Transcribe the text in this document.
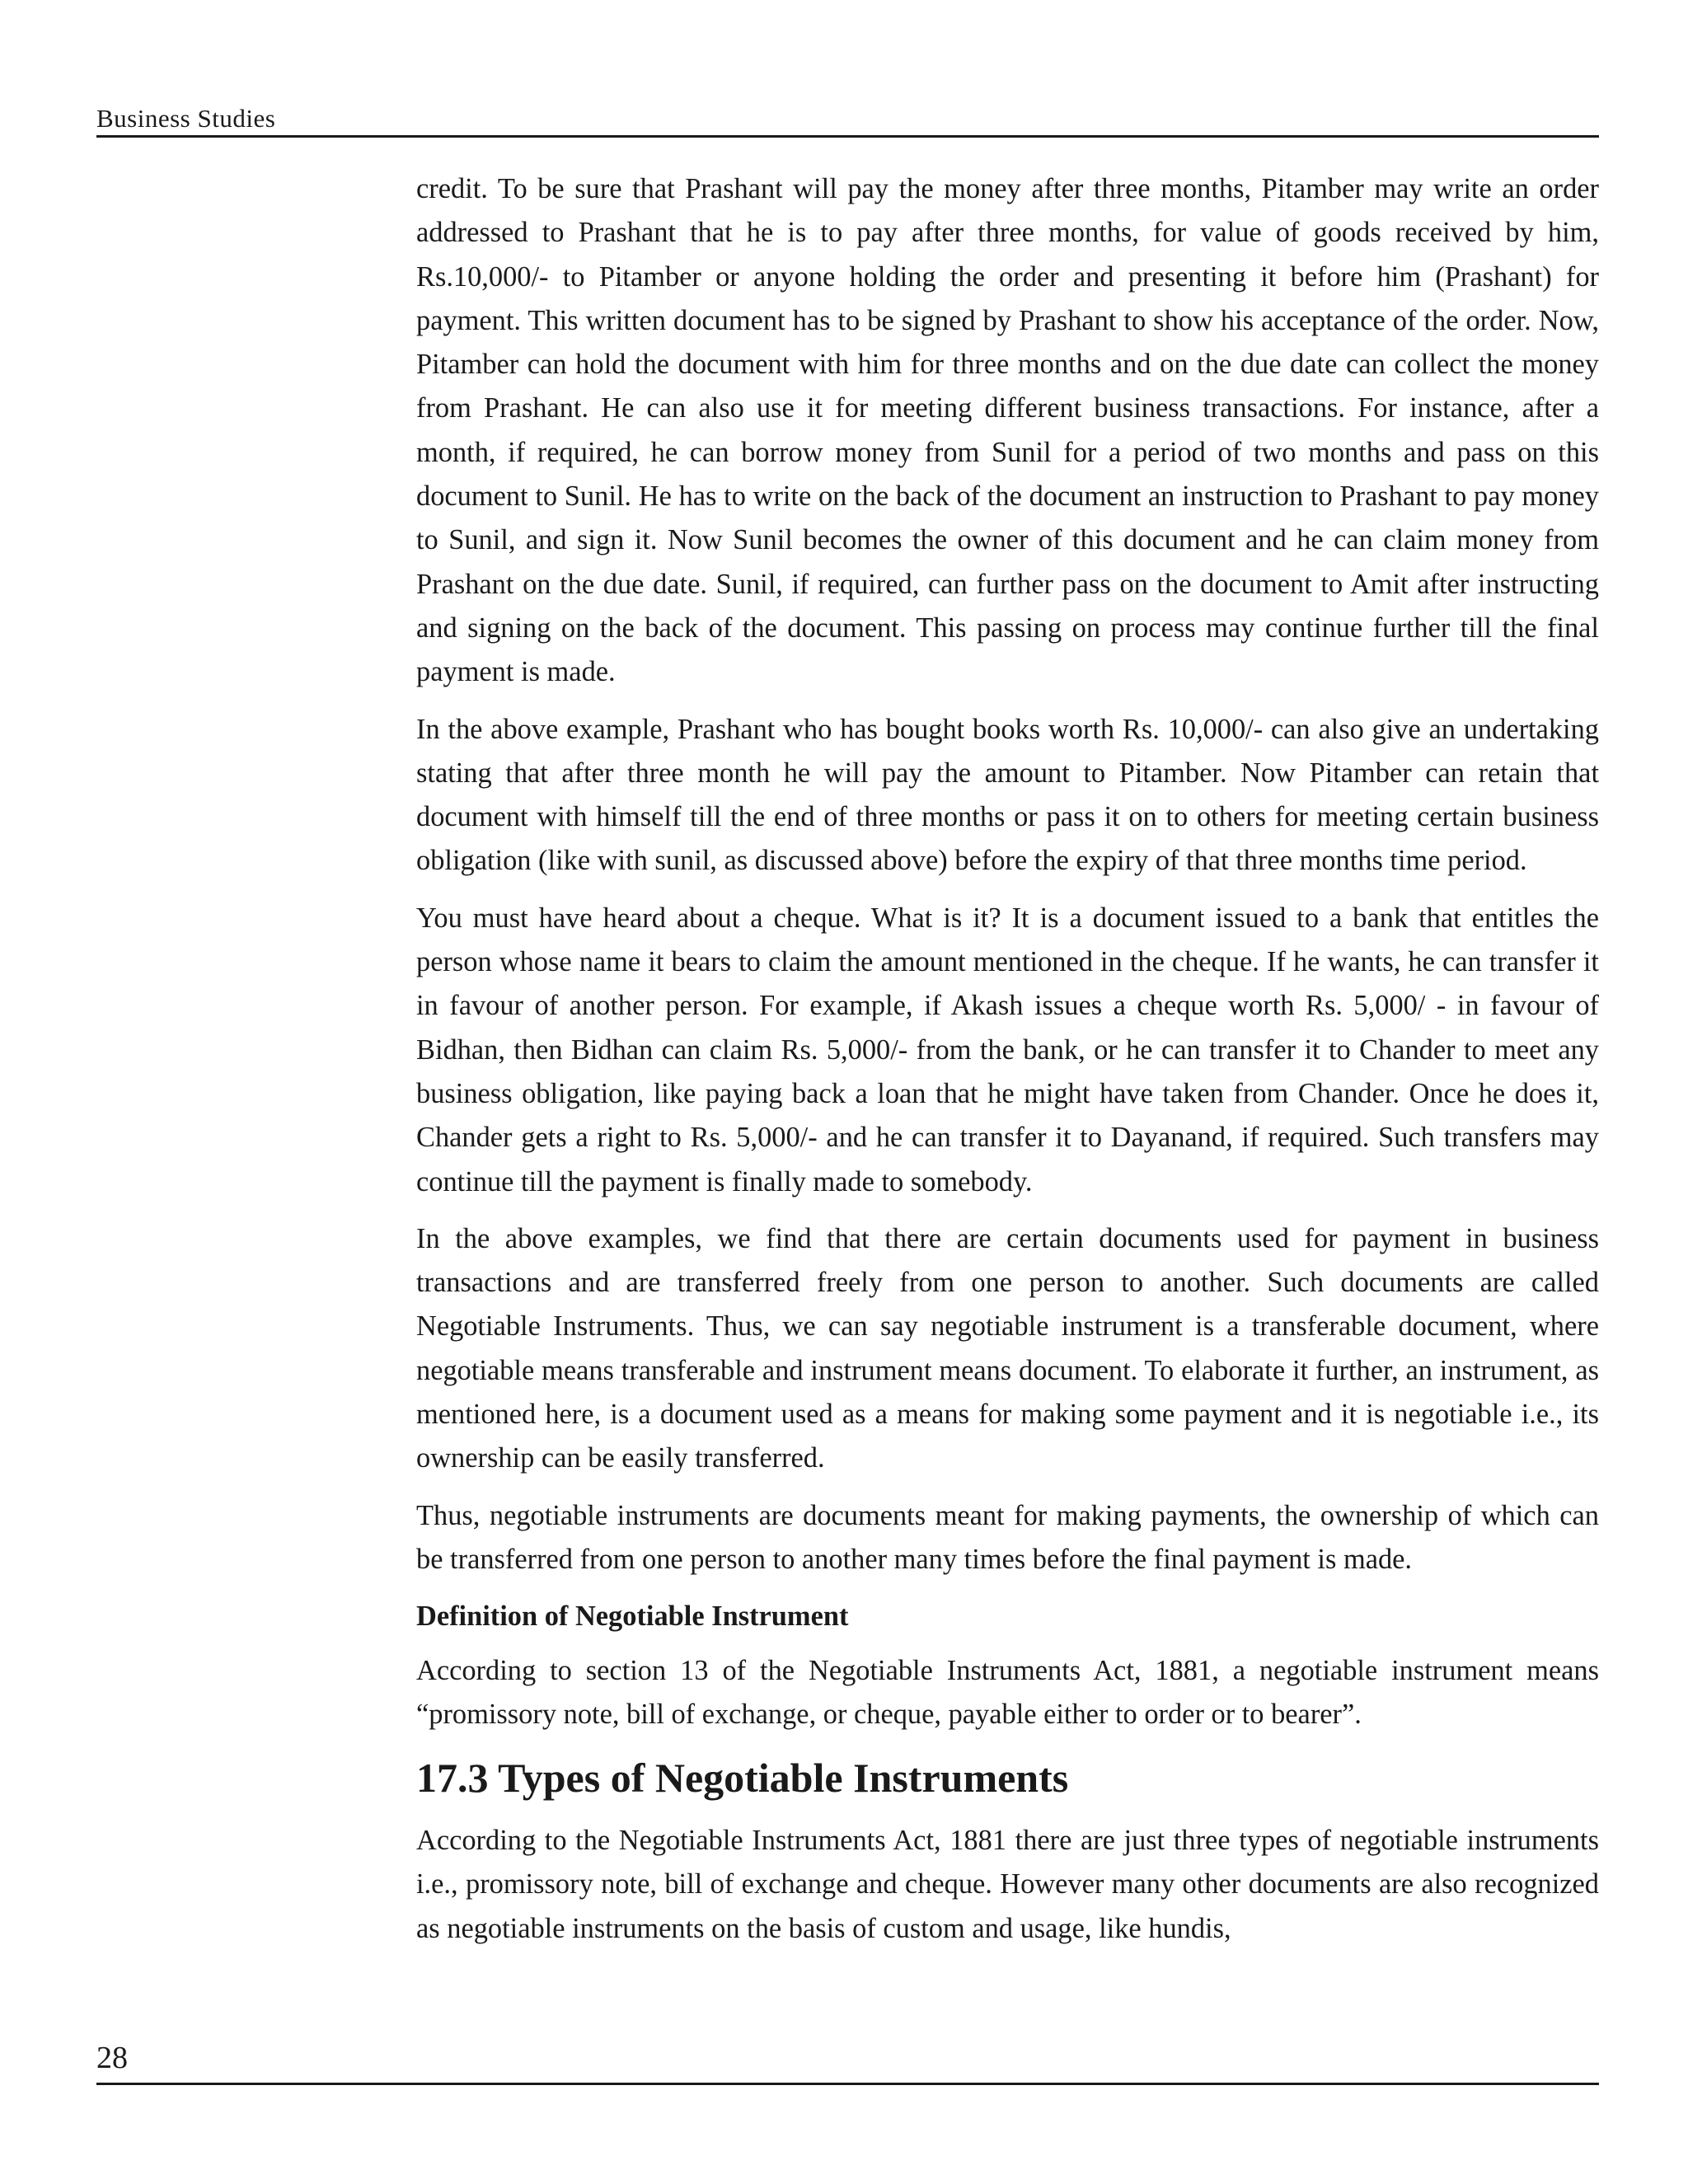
Business Studies

credit. To be sure that Prashant will pay the money after three months, Pitamber may write an order addressed to Prashant that he is to pay after three months, for value of goods received by him, Rs.10,000/- to Pitamber or anyone holding the order and presenting it before him (Prashant) for payment. This written document has to be signed by Prashant to show his acceptance of the order. Now, Pitamber can hold the document with him for three months and on the due date can collect the money from Prashant. He can also use it for meeting different business transactions. For instance, after a month, if required, he can borrow money from Sunil for a period of two months and pass on this document to Sunil. He has to write on the back of the document an instruction to Prashant to pay money to Sunil, and sign it. Now Sunil becomes the owner of this document and he can claim money from Prashant on the due date. Sunil, if required, can further pass on the document to Amit after instructing and signing on the back of the document. This passing on process may continue further till the final payment is made.

In the above example, Prashant who has bought books worth Rs. 10,000/- can also give an undertaking stating that after three month he will pay the amount to Pitamber. Now Pitamber can retain that document with himself till the end of three months or pass it on to others for meeting certain business obligation (like with sunil, as discussed above) before the expiry of that three months time period.

You must have heard about a cheque. What is it? It is a document issued to a bank that entitles the person whose name it bears to claim the amount mentioned in the cheque. If he wants, he can transfer it in favour of another person. For example, if Akash issues a cheque worth Rs. 5,000/ - in favour of Bidhan, then Bidhan can claim Rs. 5,000/- from the bank, or he can transfer it to Chander to meet any business obligation, like paying back a loan that he might have taken from Chander. Once he does it, Chander gets a right to Rs. 5,000/- and he can transfer it to Dayanand, if required. Such transfers may continue till the payment is finally made to somebody.

In the above examples, we find that there are certain documents used for payment in business transactions and are transferred freely from one person to another. Such documents are called Negotiable Instruments. Thus, we can say negotiable instrument is a transferable document, where negotiable means transferable and instrument means document. To elaborate it further, an instrument, as mentioned here, is a document used as a means for making some payment and it is negotiable i.e., its ownership can be easily transferred.

Thus, negotiable instruments are documents meant for making payments, the ownership of which can be transferred from one person to another many times before the final payment is made.

Definition of Negotiable Instrument

According to section 13 of the Negotiable Instruments Act, 1881, a negotiable instrument means “promissory note, bill of exchange, or cheque, payable either to order or to bearer”.

17.3 Types of Negotiable Instruments

According to the Negotiable Instruments Act, 1881 there are just three types of negotiable instruments i.e., promissory note, bill of exchange and cheque. However many other documents are also recognized as negotiable instruments on the basis of custom and usage, like hundis,

28
